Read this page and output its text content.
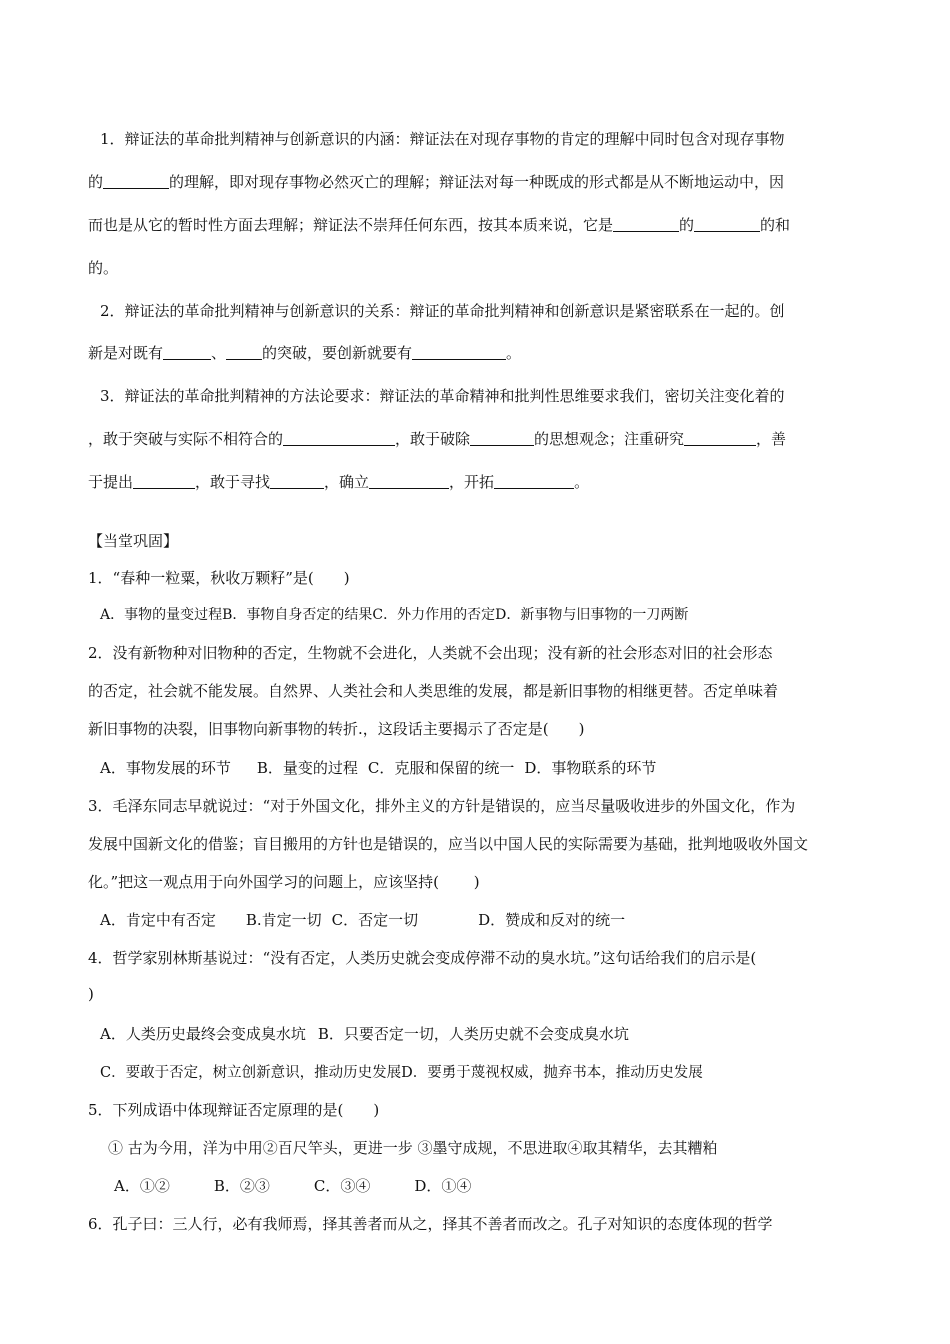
1．辩证法的革命批判精神与创新意识的内涵：辩证法在对现存事物的肯定的理解中同时包含对现存事物
的	的理解，即对现存事物必然灭亡的理解；辩证法对每一种既成的形式都是从不断地运动中，因
而也是从它的暂时性方面去理解；辩证法不崇拜任何东西，按其本质来说，它是	的	的和
的。
2．辩证法的革命批判精神与创新意识的关系：辩证的革命批判精神和创新意识是紧密联系在一起的。创
新是对既有	、 的突破，要创新就要有	。
3．辩证法的革命批判精神的方法论要求：辩证法的革命精神和批判性思维要求我们，密切关注变化着的
，敢于突破与实际不相符合的	，敢于破除	的思想观念；注重研究	，善
于提出	，敢于寻找	，确立	，开拓	。
【当堂巩固】
1．“春种一粒粟，秋收万颗籽”是(　　)
A．事物的量变过程B．事物自身否定的结果C．外力作用的否定D．新事物与旧事物的一刀两断
2．没有新物种对旧物种的否定，生物就不会进化，人类就不会出现；没有新的社会形态对旧的社会形态
的否定，社会就不能发展。自然界、人类社会和人类思维的发展，都是新旧事物的相继更替。否定单味着
新旧事物的决裂，旧事物向新事物的转折.，这段话主要揭示了否定是(　　)
A．事物发展的环节 B．量变的过程 C．克服和保留的统一 D．事物联系的环节
3．毛泽东同志早就说过：“对于外国文化，排外主义的方针是错误的，应当尽量吸收进步的外国文化，作为
发展中国新文化的借鉴；盲目搬用的方针也是错误的，应当以中国人民的实际需要为基础，批判地吸收外国文
化。”把这一观点用于向外国学习的问题上，应该坚持(　　 )
A．肯定中有否定 B.肯定一切 C．否定一切	D．赞成和反对的统一
4．哲学家别林斯基说过：“没有否定，人类历史就会变成停滞不动的臭水坑。”这句话给我们的启示是(
)
A．人类历史最终会变成臭水坑 B．只要否定一切，人类历史就不会变成臭水坑
C．要敢于否定，树立创新意识，推动历史发展D．要勇于蔑视权威，抛弃书本，推动历史发展
5．下列成语中体现辩证否定原理的是(　　)
① 古为今用，洋为中用②百尺竿头，更进一步 ③墨守成规，不思进取④取其精华，去其糟粕
A．①②	B．②③	C．③④	D．①④
6．孔子曰：三人行，必有我师焉，择其善者而从之，择其不善者而改之。孔子对知识的态度体现的哲学
